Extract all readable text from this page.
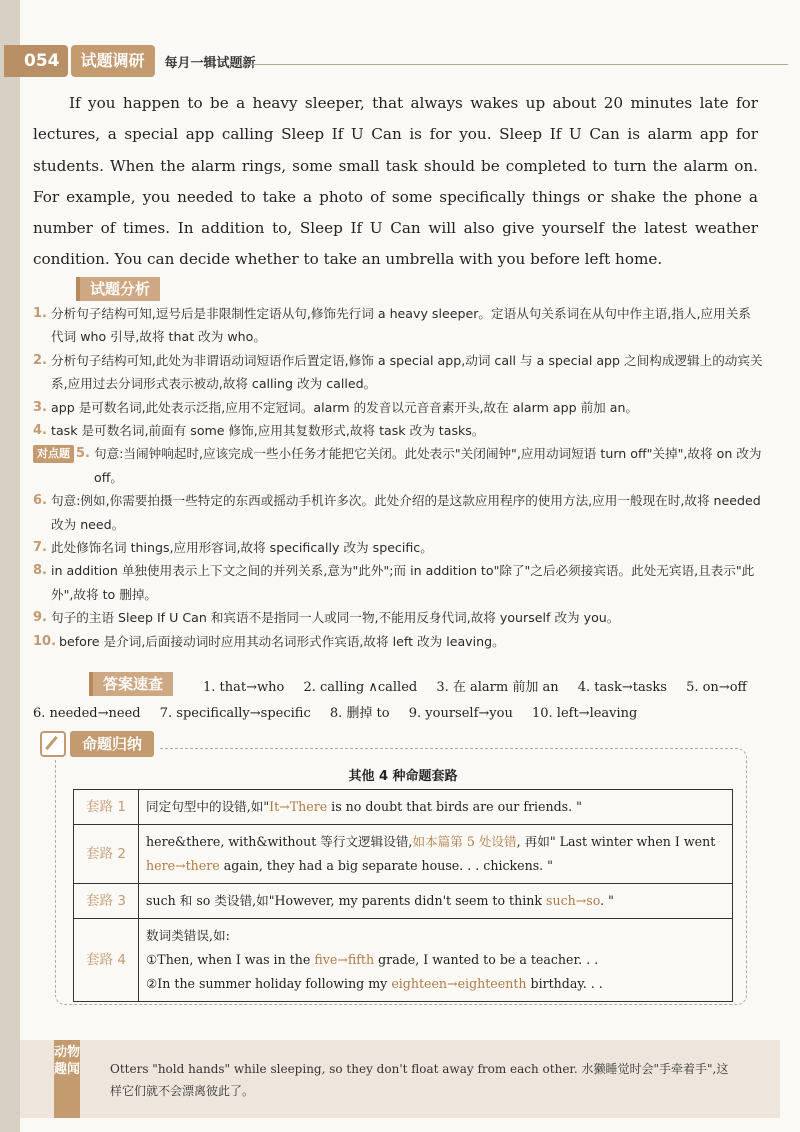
054	试题调研	每月一辑试题新

If you happen to be a heavy sleeper, that always wakes up about 20 minutes late for lectures, a special app calling Sleep If U Can is for you. Sleep If U Can is alarm app for students. When the alarm rings, some small task should be completed to turn the alarm on. For example, you needed to take a photo of some specifically things or shake the phone a number of times. In addition to, Sleep If U Can will also give yourself the latest weather condition. You can decide whether to take an umbrella with you before left home.

试题分析
1. 分析句子结构可知,逗号后是非限制性定语从句,修饰先行词 a heavy sleeper。定语从句关系词在从句中作主语,指人,应用关系代词 who 引导,故将 that 改为 who。
2. 分析句子结构可知,此处为非谓语动词短语作后置定语,修饰 a special app,动词 call 与 a special app 之间构成逻辑上的动宾关系,应用过去分词形式表示被动,故将 calling 改为 called。
3. app 是可数名词,此处表示泛指,应用不定冠词。alarm 的发音以元音音素开头,故在 alarm app 前加 an。
4. task 是可数名词,前面有 some 修饰,应用其复数形式,故将 task 改为 tasks。
对点题 5. 句意:当闹钟响起时,应该完成一些小任务才能把它关闭。此处表示"关闭闹钟",应用动词短语 turn off"关掉",故将 on 改为 off。
6. 句意:例如,你需要拍摄一些特定的东西或摇动手机许多次。此处介绍的是这款应用程序的使用方法,应用一般现在时,故将 needed 改为 need。
7. 此处修饰名词 things,应用形容词,故将 specifically 改为 specific。
8. in addition 单独使用表示上下文之间的并列关系,意为"此外";而 in addition to"除了"之后必须接宾语。此处无宾语,且表示"此外",故将 to 删掉。
9. 句子的主语 Sleep If U Can 和宾语不是指同一人或同一物,不能用反身代词,故将 yourself 改为 you。
10. before 是介词,后面接动词时应用其动名词形式作宾语,故将 left 改为 leaving。
答案速查	1. that→who 2. calling ∧called 3. 在 alarm 前加 an 4. task→tasks 5. on→off
6. needed→need 7. specifically→specific 8. 删掉 to 9. yourself→you 10. left→leaving
命题归纳
其他 4 种命题套路
套路 1	同定句型中的设错,如"It→There is no doubt that birds are our friends. "
套路 2	here&there, with&without 等行文逻辑设错,如本篇第 5 处设错, 再如" Last winter when I went here→there again, they had a big separate house. . . chickens. "
套路 3	such 和 so 类设错,如"However, my parents didn't seem to think such→so. "
套路 4	数词类错误,如:
①Then, when I was in the five→fifth grade, I wanted to be a teacher. . .
②In the summer holiday following my eighteen→eighteenth birthday. . .
动物趣闻 Otters "hold hands" while sleeping, so they don't float away from each other. 水獭睡觉时会"手牵着手",这样它们就不会漂离彼此了。
